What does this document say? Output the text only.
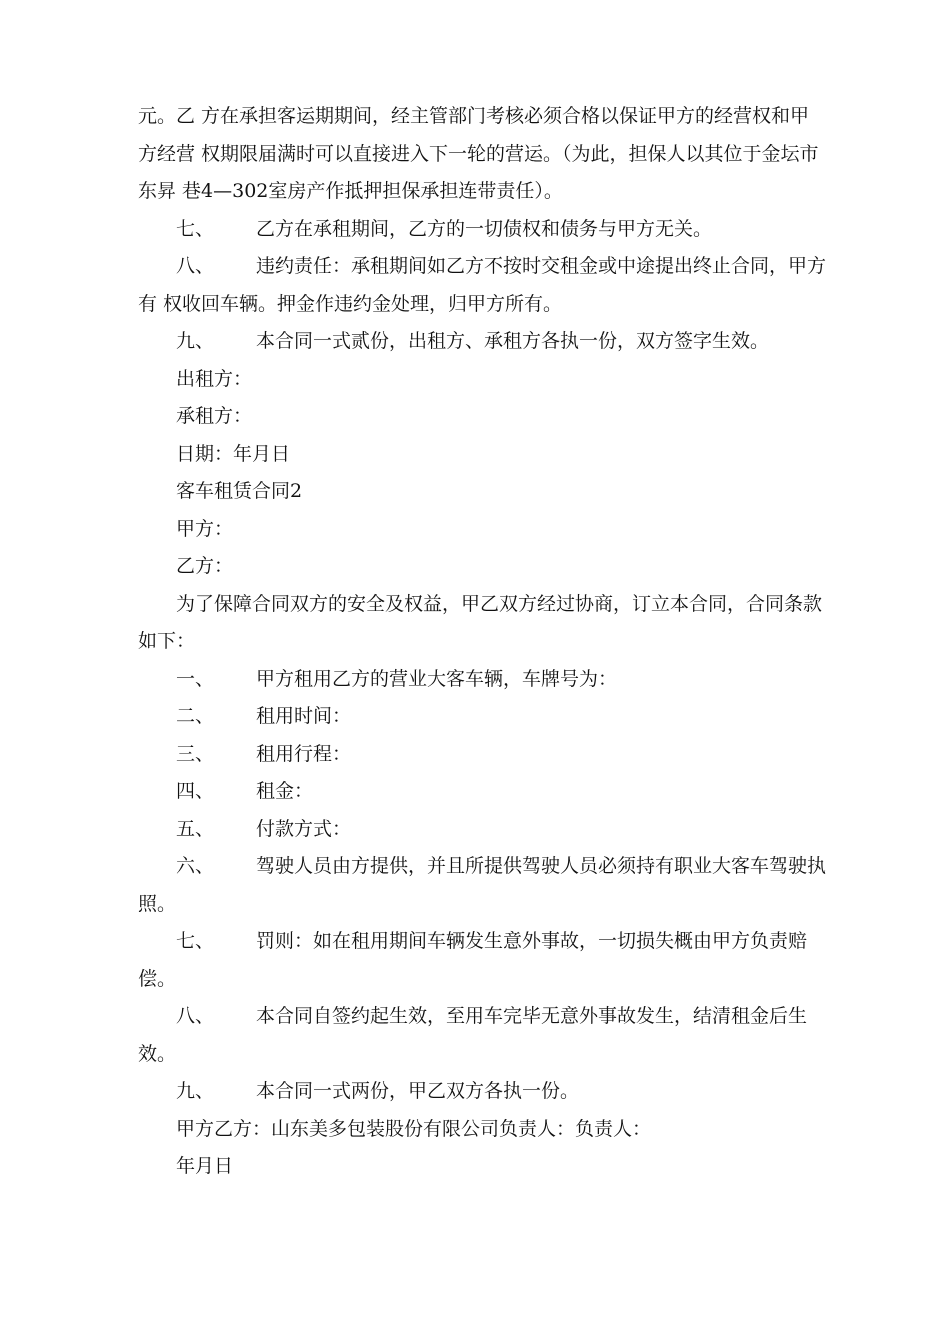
元。乙 方在承担客运期期间，经主管部门考核必须合格以保证甲方的经营权和甲方经营 权期限届满时可以直接进入下一轮的营运。（为此，担保人以其位于金坛市东昇 巷4—302室房产作抵押担保承担连带责任）。

七、 乙方在承租期间，乙方的一切债权和债务与甲方无关。

八、 违约责任：承租期间如乙方不按时交租金或中途提出终止合同，甲方有 权收回车辆。押金作违约金处理，归甲方所有。

九、 本合同一式贰份，出租方、承租方各执一份，双方签字生效。

出租方：

承租方：

日期：年月日

客车租赁合同2

甲方：

乙方：

为了保障合同双方的安全及权益，甲乙双方经过协商，订立本合同，合同条款如下：

一、 甲方租用乙方的营业大客车辆，车牌号为：

二、 租用时间：

三、 租用行程：

四、 租金：

五、 付款方式：

六、 驾驶人员由方提供，并且所提供驾驶人员必须持有职业大客车驾驶执照。

七、 罚则：如在租用期间车辆发生意外事故，一切损失概由甲方负责赔偿。

八、 本合同自签约起生效，至用车完毕无意外事故发生，结清租金后生效。

九、 本合同一式两份，甲乙双方各执一份。

甲方乙方：山东美多包装股份有限公司负责人：负责人：

年月日
